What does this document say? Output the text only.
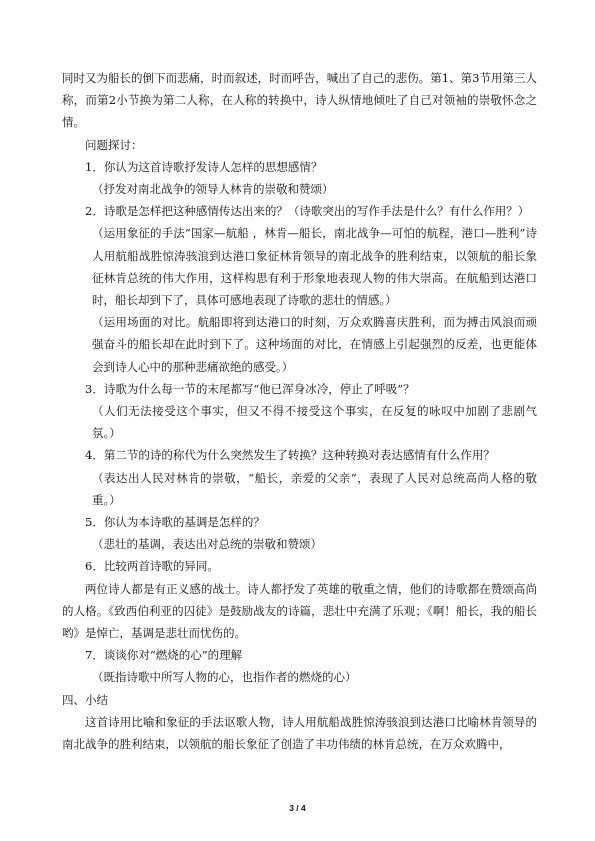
同时又为船长的倒下而悲痛，时而叙述，时而呼告，喊出了自己的悲伤。第1、第3节用第三人称，而第2小节换为第二人称，在人称的转换中，诗人纵情地倾吐了自己对领袖的崇敬怀念之情。

问题探讨：

1．你认为这首诗歌抒发诗人怎样的思想感情？

（抒发对南北战争的领导人林肯的崇敬和赞颂）

2．诗歌是怎样把这种感情传达出来的？（诗歌突出的写作手法是什么？有什么作用？）

（运用象征的手法“国家—航船 ，林肯—船长，南北战争—可怕的航程，港口—胜利”诗人用航船战胜惊涛骇浪到达港口象征林肯领导的南北战争的胜利结束，以领航的船长象征林肯总统的伟大作用，这样构思有利于形象地表现人物的伟大崇高。在航船到达港口时，船长却到下了，具体可感地表现了诗歌的悲壮的情感。）

（运用场面的对比。航船即将到达港口的时刻，万众欢腾喜庆胜利，而为搏击风浪而顽强奋斗的船长却在此时到下了。这种场面的对比，在情感上引起强烈的反差，也更能体会到诗人心中的那种悲痛欲绝的感受。）

3．诗歌为什么每一节的末尾都写“他已浑身冰冷，停止了呼吸”？

（人们无法接受这个事实，但又不得不接受这个事实，在反复的咏叹中加剧了悲剧气氛。）

4．第二节的诗的称代为什么突然发生了转换？这种转换对表达感情有什么作用？

（表达出人民对林肯的崇敬，“船长，亲爱的父亲”，表现了人民对总统高尚人格的敬重。）

5．你认为本诗歌的基调是怎样的？

（悲壮的基调，表达出对总统的崇敬和赞颂）

6．比较两首诗歌的异同。

两位诗人都是有正义感的战士。诗人都抒发了英雄的敬重之情，他们的诗歌都在赞颂高尚的人格。《致西伯利亚的囚徒》是鼓励战友的诗篇，悲壮中充满了乐观；《啊！船长，我的船长哟》是悼亡，基调是悲壮而忧伤的。

7．谈谈你对“燃烧的心”的理解

（既指诗歌中所写人物的心，也指作者的燃烧的心）

四、小结

这首诗用比喻和象征的手法讴歌人物，诗人用航船战胜惊涛骇浪到达港口比喻林肯领导的南北战争的胜利结束，以领航的船长象征了创造了丰功伟绩的林肯总统，在万众欢腾中，

3 / 4
